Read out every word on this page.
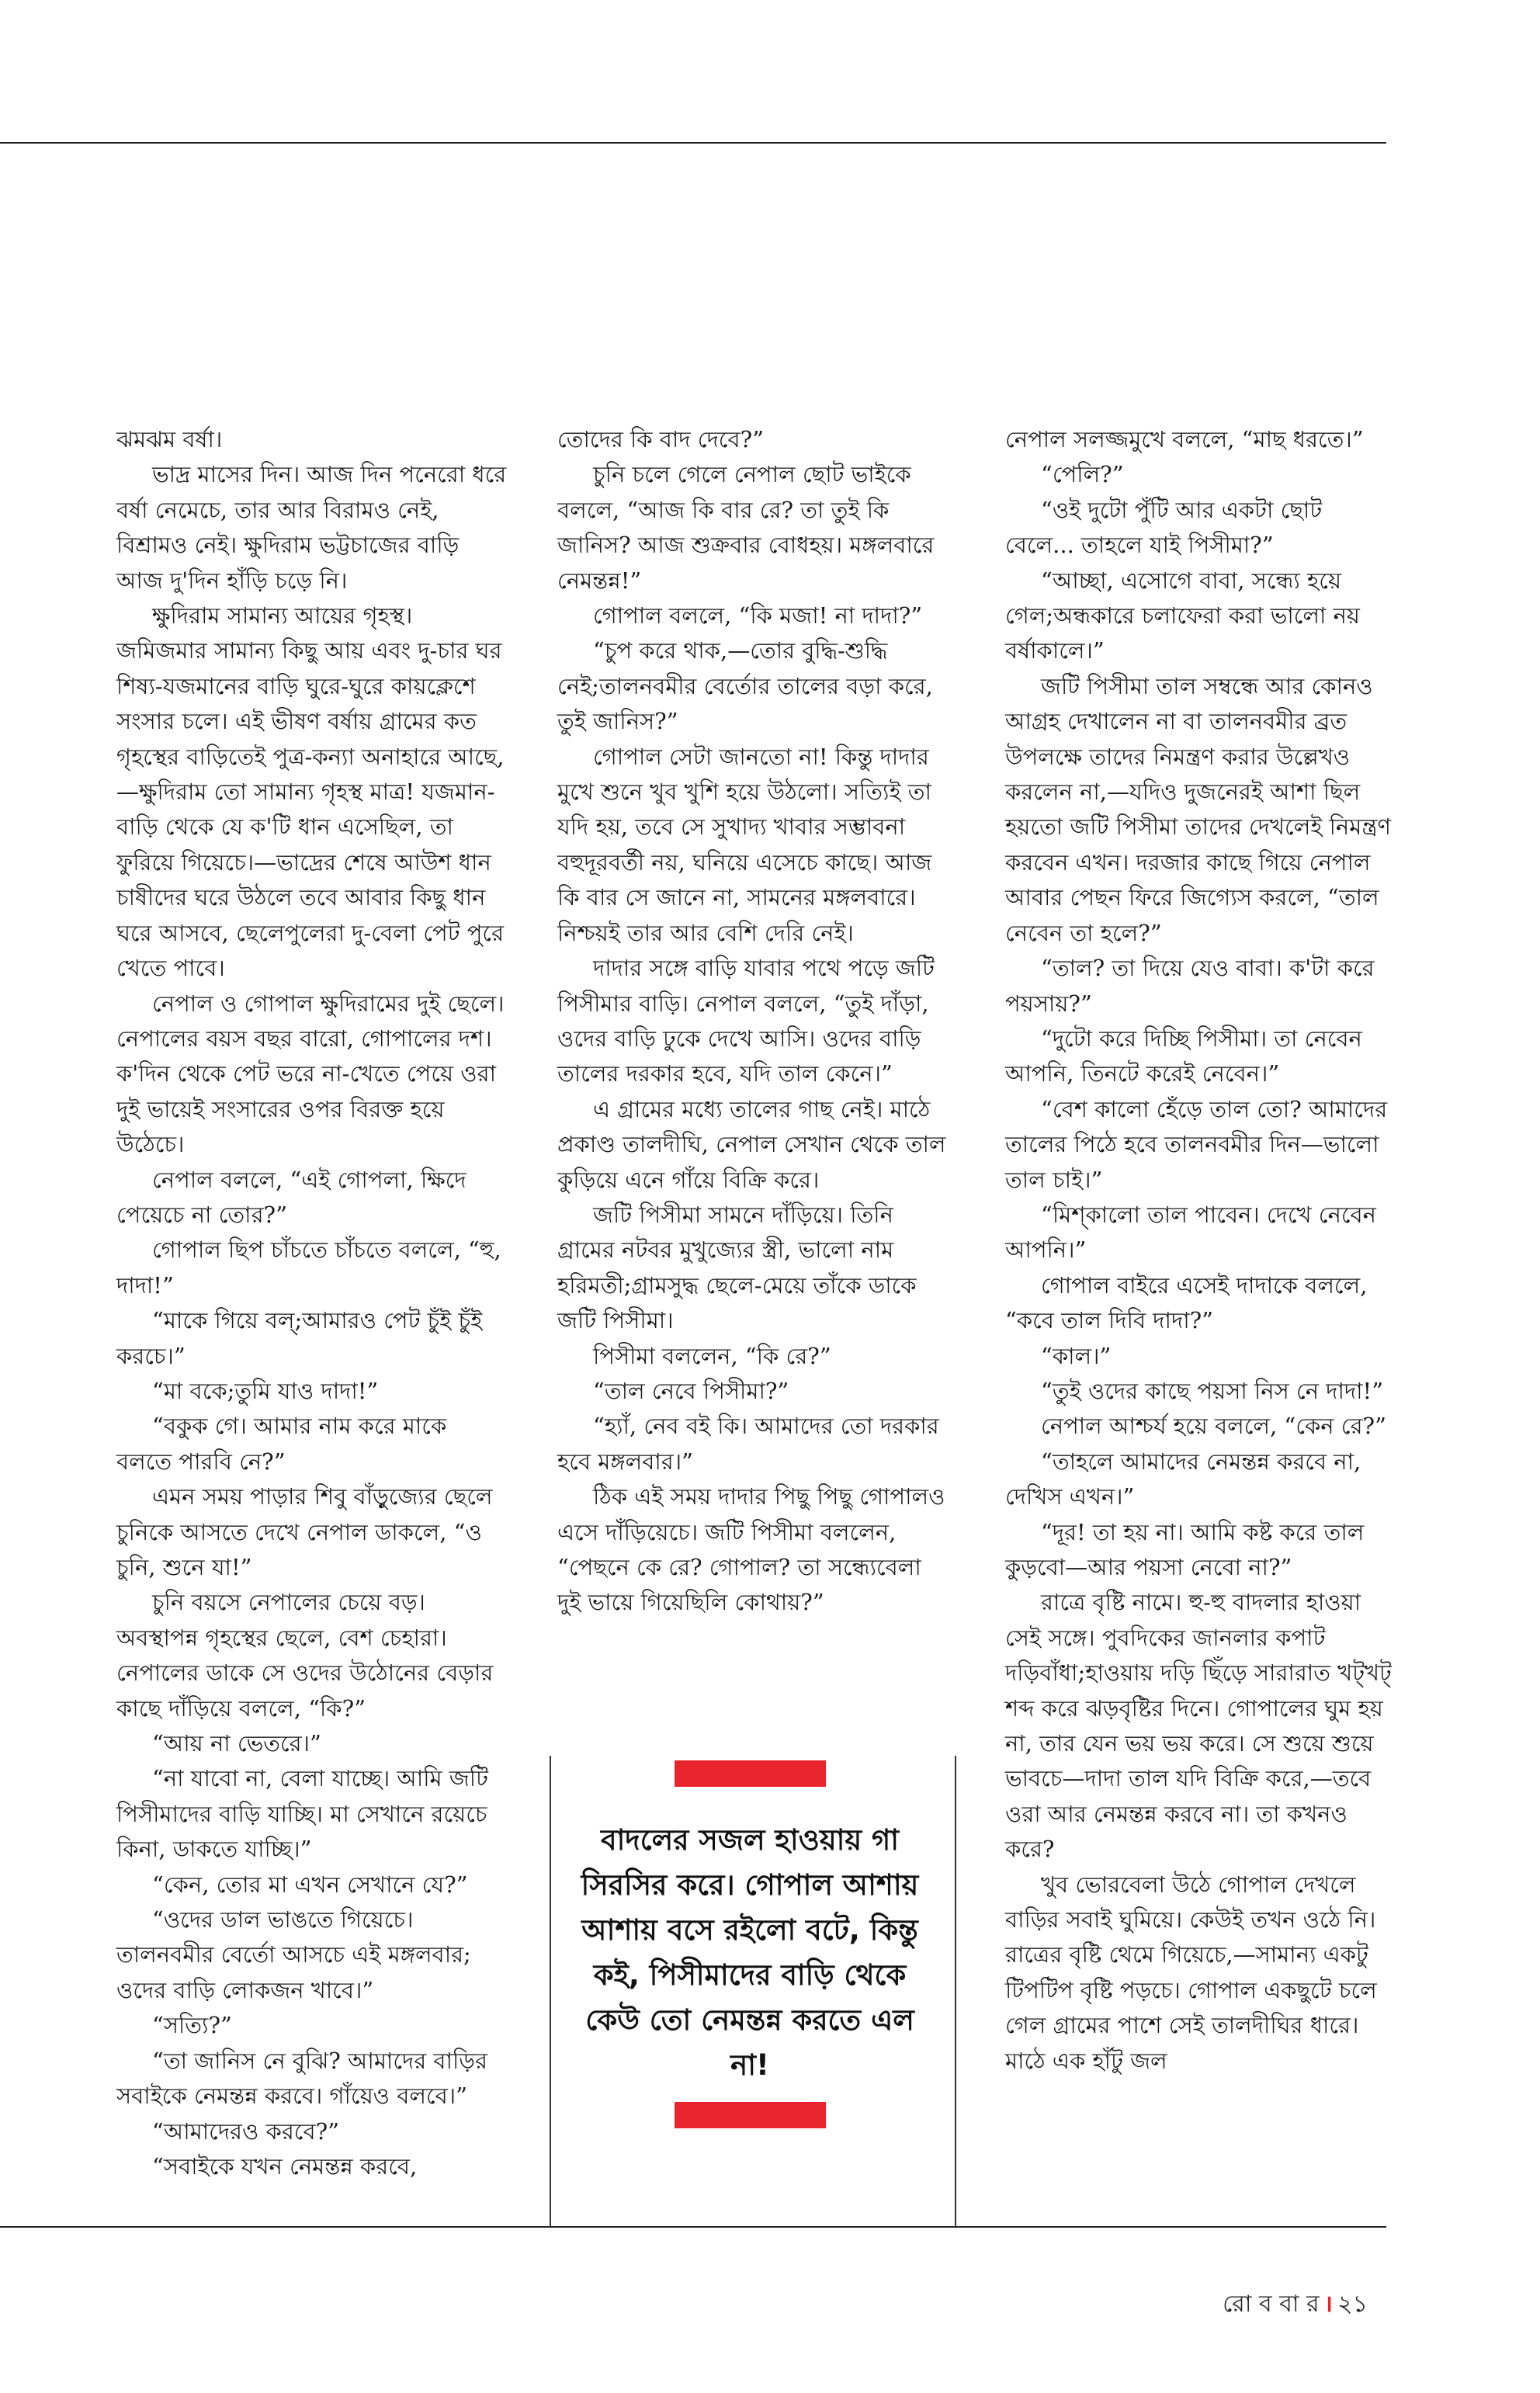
ঝমঝম বর্ষা।

ভাদ্র মাসের দিন। আজ দিন পনেরো ধরে বর্ষা নেমেচে, তার আর বিরামও নেই, বিশ্রামও নেই। ক্ষুদিরাম ভট্টচাজের বাড়ি আজ দু'দিন হাঁড়ি চড়ে নি।

ক্ষুদিরাম সামান্য আয়ের গৃহস্থ। জমিজমার সামান্য কিছু আয় এবং দু-চার ঘর শিষ্য-যজমানের বাড়ি ঘুরে-ঘুরে কায়ক্লেশে সংসার চলে। এই ভীষণ বর্ষায় গ্রামের কত গৃহস্থের বাড়িতেই পুত্র-কন্যা অনাহারে আছে,—ক্ষুদিরাম তো সামান্য গৃহস্থ মাত্র! যজমান-বাড়ি থেকে যে ক'টি ধান এসেছিল, তা ফুরিয়ে গিয়েচে।—ভাদ্রের শেষে আউশ ধান চাষীদের ঘরে উঠলে তবে আবার কিছু ধান ঘরে আসবে, ছেলেপুলেরা দু-বেলা পেট পুরে খেতে পাবে।

নেপাল ও গোপাল ক্ষুদিরামের দুই ছেলে। নেপালের বয়স বছর বারো, গোপালের দশ। ক'দিন থেকে পেট ভরে না-খেতে পেয়ে ওরা দুই ভায়েই সংসারের ওপর বিরক্ত হয়ে উঠেচে।

নেপাল বললে, “এই গোপলা, ক্ষিদে পেয়েচে না তোর?”

গোপাল ছিপ চাঁচতে চাঁচতে বললে, “হু, দাদা!”

“মাকে গিয়ে বল্;আমারও পেট চুঁই চুঁই করচে।”

“মা বকে;তুমি যাও দাদা!”

“বকুক গে। আমার নাম করে মাকে বলতে পারবি নে?”

এমন সময় পাড়ার শিবু বাঁড়ুজ্যের ছেলে চুনিকে আসতে দেখে নেপাল ডাকলে, “ও চুনি, শুনে যা!”

চুনি বয়সে নেপালের চেয়ে বড়। অবস্থাপন্ন গৃহস্থের ছেলে, বেশ চেহারা। নেপালের ডাকে সে ওদের উঠোনের বেড়ার কাছে দাঁড়িয়ে বললে, “কি?”

“আয় না ভেতরে।”

“না যাবো না, বেলা যাচ্ছে। আমি জটি পিসীমাদের বাড়ি যাচ্ছি। মা সেখানে রয়েচে কিনা, ডাকতে যাচ্ছি।”

“কেন, তোর মা এখন সেখানে যে?”

“ওদের ডাল ভাঙতে গিয়েচে। তালনবমীর বের্তো আসচে এই মঙ্গলবার; ওদের বাড়ি লোকজন খাবে।”

“সত্যি?”

“তা জানিস নে বুঝি? আমাদের বাড়ির সবাইকে নেমন্তন্ন করবে। গাঁয়েও বলবে।”

“আমাদেরও করবে?”

“সবাইকে যখন নেমন্তন্ন করবে,

তোদের কি বাদ দেবে?”

চুনি চলে গেলে নেপাল ছোট ভাইকে বললে, “আজ কি বার রে? তা তুই কি জানিস? আজ শুক্রবার বোধহয়। মঙ্গলবারে নেমন্তন্ন!”

গোপাল বললে, “কি মজা! না দাদা?”

“চুপ করে থাক,—তোর বুদ্ধি-শুদ্ধি নেই;তালনবমীর বের্তোর তালের বড়া করে, তুই জানিস?”

গোপাল সেটা জানতো না! কিন্তু দাদার মুখে শুনে খুব খুশি হয়ে উঠলো। সত্যিই তা যদি হয়, তবে সে সুখাদ্য খাবার সম্ভাবনা বহুদূরবর্তী নয়, ঘনিয়ে এসেচে কাছে। আজ কি বার সে জানে না, সামনের মঙ্গলবারে। নিশ্চয়ই তার আর বেশি দেরি নেই।

দাদার সঙ্গে বাড়ি যাবার পথে পড়ে জটি পিসীমার বাড়ি। নেপাল বললে, “তুই দাঁড়া, ওদের বাড়ি ঢুকে দেখে আসি। ওদের বাড়ি তালের দরকার হবে, যদি তাল কেনে।”

এ গ্রামের মধ্যে তালের গাছ নেই। মাঠে প্রকাণ্ড তালদীঘি, নেপাল সেখান থেকে তাল কুড়িয়ে এনে গাঁয়ে বিক্রি করে।

জটি পিসীমা সামনে দাঁড়িয়ে। তিনি গ্রামের নটবর মুখুজ্যের স্ত্রী, ভালো নাম হরিমতী;গ্রামসুদ্ধ ছেলে-মেয়ে তাঁকে ডাকে জটি পিসীমা।

পিসীমা বললেন, “কি রে?”

“তাল নেবে পিসীমা?”

“হ্যাঁ, নেব বই কি। আমাদের তো দরকার হবে মঙ্গলবার।”

ঠিক এই সময় দাদার পিছু পিছু গোপালও এসে দাঁড়িয়েচে। জটি পিসীমা বললেন, “পেছনে কে রে? গোপাল? তা সন্ধ্যেবেলা দুই ভায়ে গিয়েছিলি কোথায়?”

নেপাল সলজ্জমুখে বললে, “মাছ ধরতে।”

“পেলি?”

“ওই দুটো পুঁটি আর একটা ছোট বেলে... তাহলে যাই পিসীমা?”

“আচ্ছা, এসোগে বাবা, সন্ধ্যে হয়ে গেল;অন্ধকারে চলাফেরা করা ভালো নয় বর্ষাকালে।”

জটি পিসীমা তাল সম্বন্ধে আর কোনও আগ্রহ দেখালেন না বা তালনবমীর ব্রত উপলক্ষে তাদের নিমন্ত্রণ করার উল্লেখও করলেন না,—যদিও দুজনেরই আশা ছিল হয়তো জটি পিসীমা তাদের দেখলেই নিমন্ত্রণ করবেন এখন। দরজার কাছে গিয়ে নেপাল আবার পেছন ফিরে জিগ্যেস করলে, “তাল নেবেন তা হলে?”

“তাল? তা দিয়ে যেও বাবা। ক'টা করে পয়সায়?”

“দুটো করে দিচ্ছি পিসীমা। তা নেবেন আপনি, তিনটে করেই নেবেন।”

“বেশ কালো হেঁড়ে তাল তো? আমাদের তালের পিঠে হবে তালনবমীর দিন—ভালো তাল চাই।”

“মিশ্‌কালো তাল পাবেন। দেখে নেবেন আপনি।”

গোপাল বাইরে এসেই দাদাকে বললে, “কবে তাল দিবি দাদা?”

“কাল।”

“তুই ওদের কাছে পয়সা নিস নে দাদা!”

নেপাল আশ্চর্য হয়ে বললে, “কেন রে?”

“তাহলে আমাদের নেমন্তন্ন করবে না, দেখিস এখন।”

“দূর! তা হয় না। আমি কষ্ট করে তাল কুড়বো—আর পয়সা নেবো না?”

রাত্রে বৃষ্টি নামে। হু-হু বাদলার হাওয়া সেই সঙ্গে। পুবদিকের জানলার কপাট দড়িবাঁধা;হাওয়ায় দড়ি ছিঁড়ে সারারাত খট্‌খট্‌ শব্দ করে ঝড়বৃষ্টির দিনে। গোপালের ঘুম হয় না, তার যেন ভয় ভয় করে। সে শুয়ে শুয়ে ভাবচে—দাদা তাল যদি বিক্রি করে,—তবে ওরা আর নেমন্তন্ন করবে না। তা কখনও করে?

খুব ভোরবেলা উঠে গোপাল দেখলে বাড়ির সবাই ঘুমিয়ে। কেউই তখন ওঠে নি। রাত্রের বৃষ্টি থেমে গিয়েচে,—সামান্য একটু টিপটিপ বৃষ্টি পড়চে। গোপাল একছুটে চলে গেল গ্রামের পাশে সেই তালদীঘির ধারে। মাঠে এক হাঁটু জল

বাদলের সজল হাওয়ায় গা সিরসির করে। গোপাল আশায় আশায় বসে রইলো বটে, কিন্তু কই, পিসীমাদের বাড়ি থেকে কেউ তো নেমন্তন্ন করতে এল না!
রো ব বা র । ২১
